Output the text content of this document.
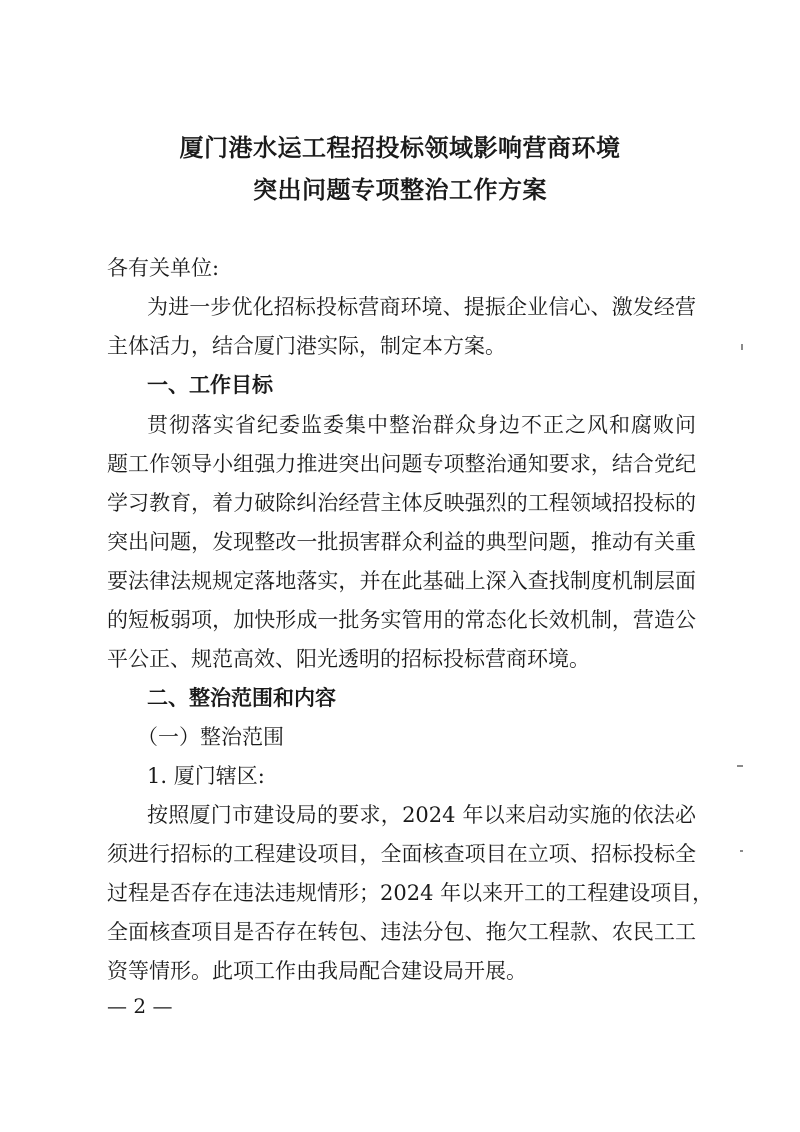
厦门港水运工程招投标领域影响营商环境
突出问题专项整治工作方案
各有关单位:
为进一步优化招标投标营商环境、提振企业信心、激发经营
主体活力，结合厦门港实际，制定本方案。
一、工作目标
贯彻落实省纪委监委集中整治群众身边不正之风和腐败问
题工作领导小组强力推进突出问题专项整治通知要求，结合党纪
学习教育，着力破除纠治经营主体反映强烈的工程领域招投标的
突出问题，发现整改一批损害群众利益的典型问题，推动有关重
要法律法规规定落地落实，并在此基础上深入查找制度机制层面
的短板弱项，加快形成一批务实管用的常态化长效机制，营造公
平公正、规范高效、阳光透明的招标投标营商环境。
二、整治范围和内容
（一）整治范围
1. 厦门辖区:
按照厦门市建设局的要求，2024 年以来启动实施的依法必
须进行招标的工程建设项目，全面核查项目在立项、招标投标全
过程是否存在违法违规情形；2024 年以来开工的工程建设项目，
全面核查项目是否存在转包、违法分包、拖欠工程款、农民工工
资等情形。此项工作由我局配合建设局开展。
— 2 —
